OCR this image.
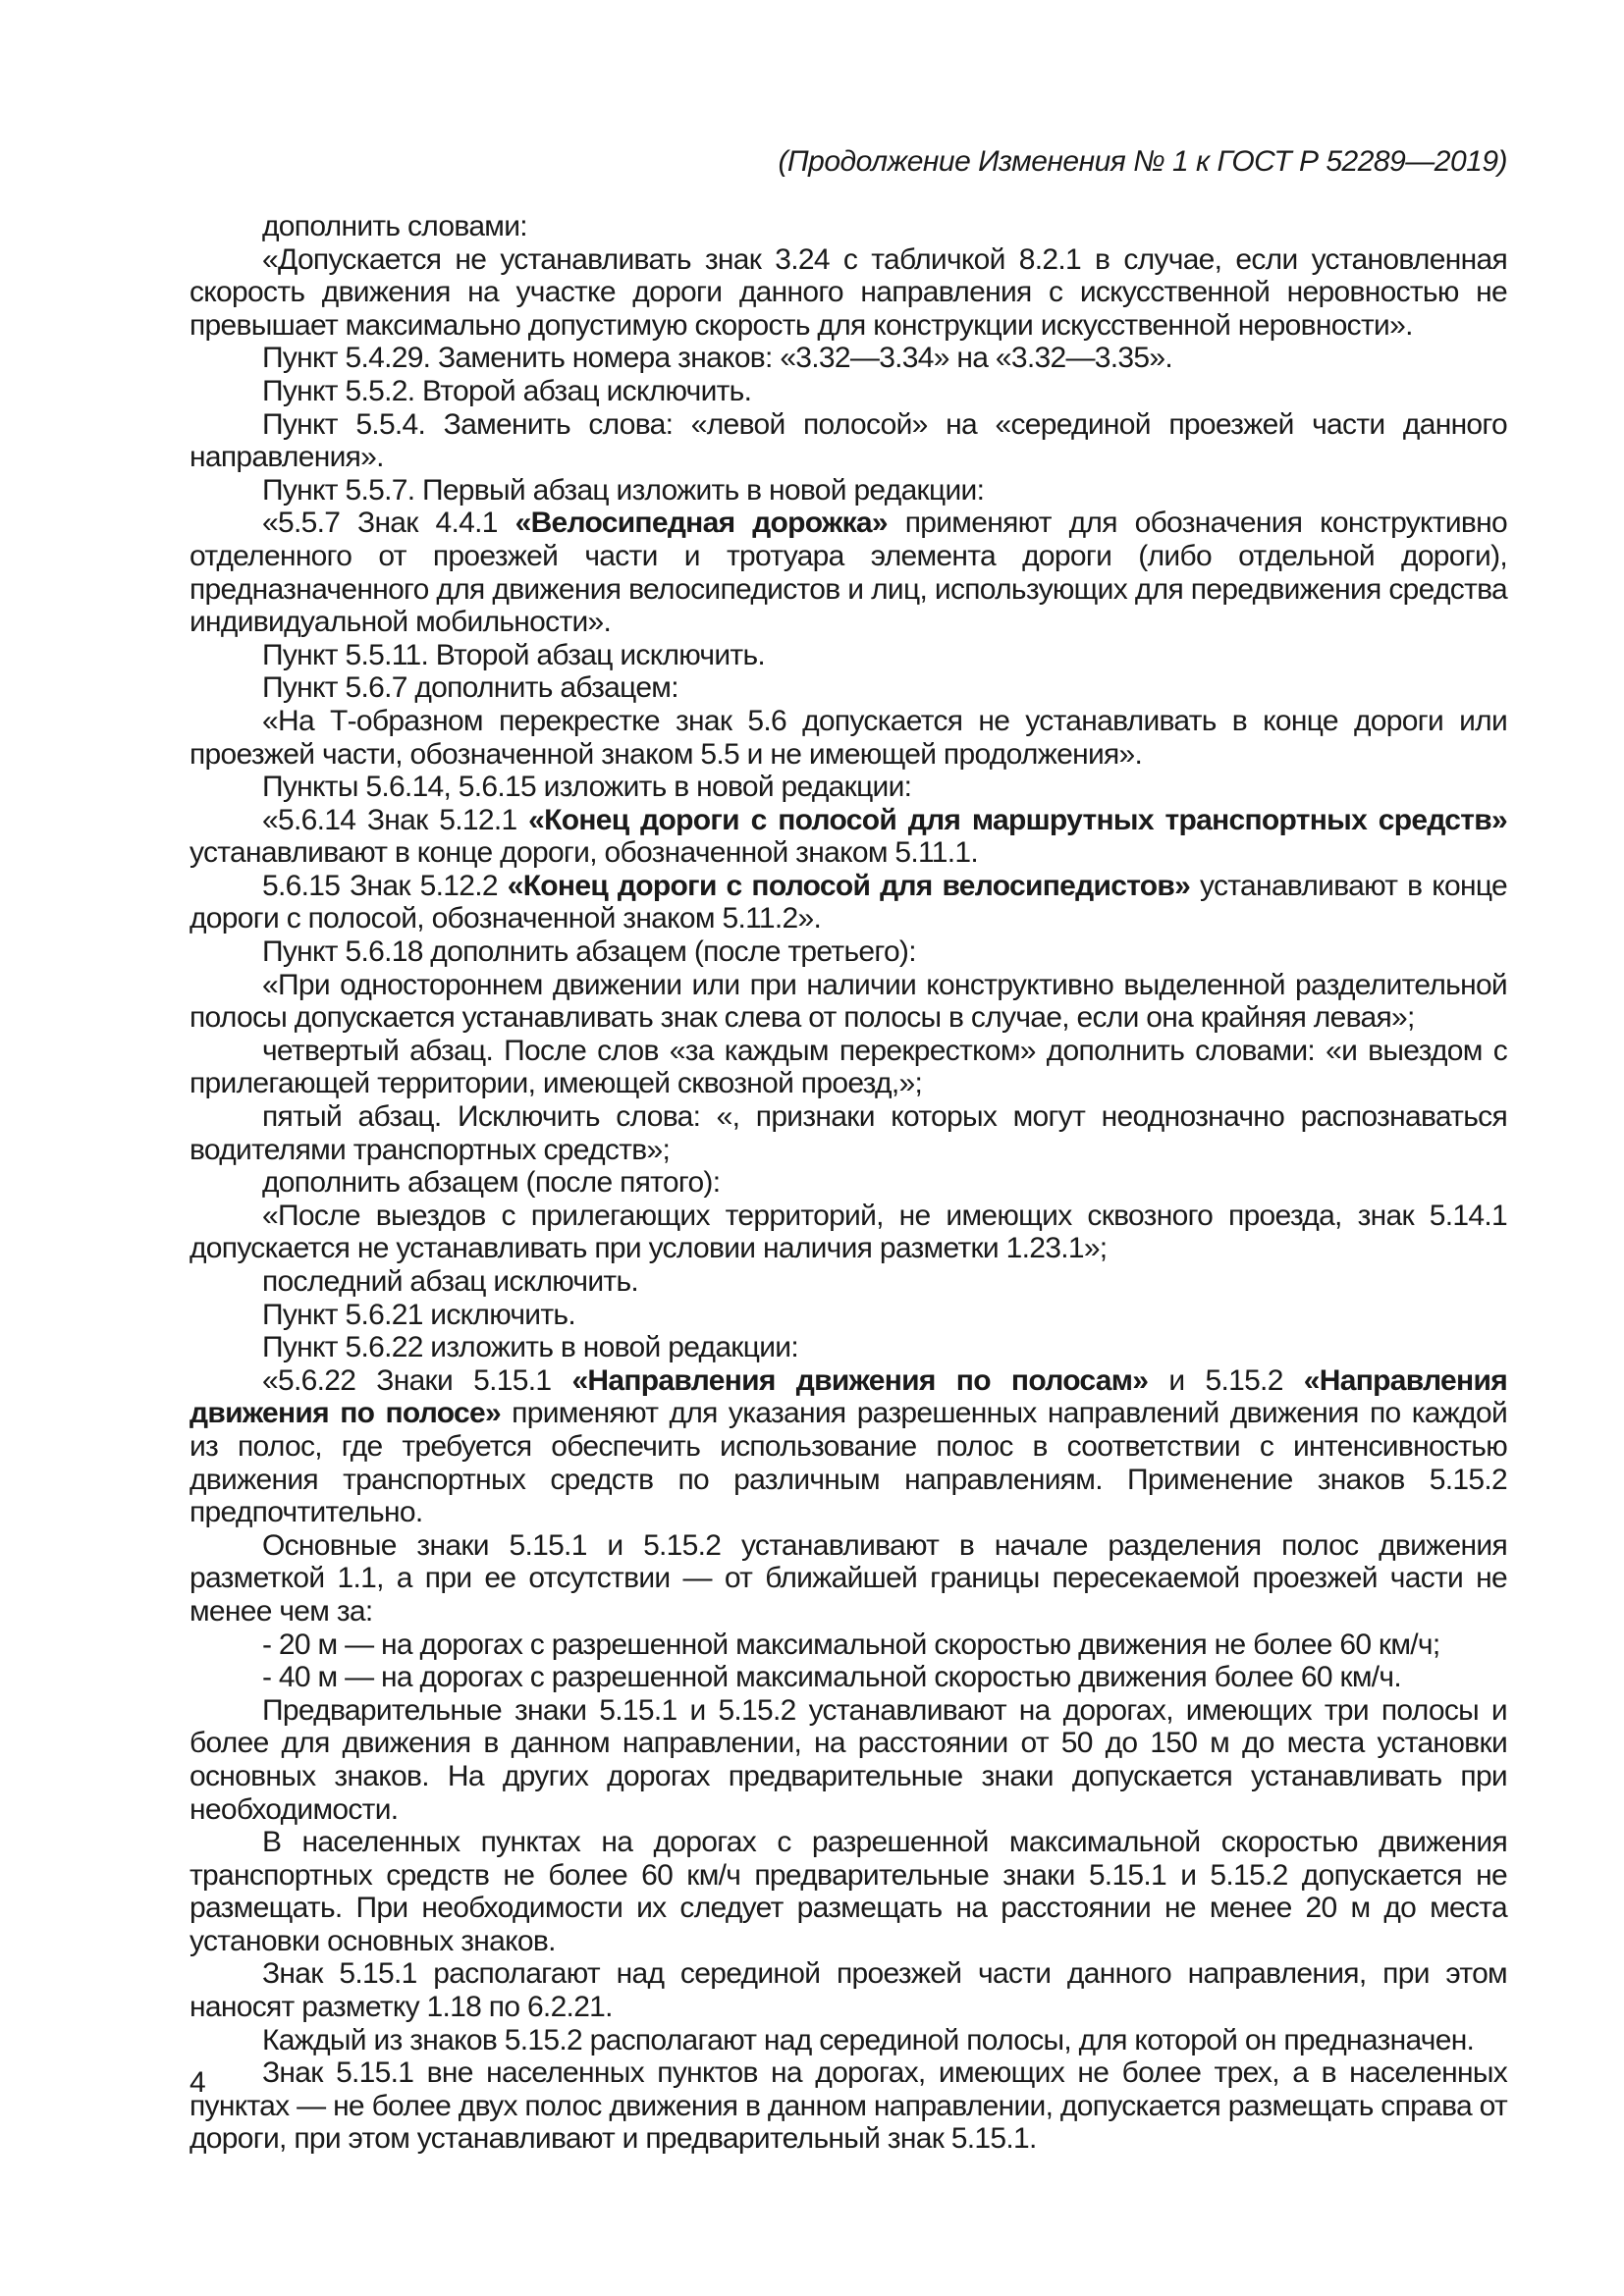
(Продолжение Изменения № 1 к ГОСТ Р 52289—2019)

дополнить словами:

«Допускается не устанавливать знак 3.24 с табличкой 8.2.1 в случае, если установленная скорость движения на участке дороги данного направления с искусственной неровностью не превышает максимально допустимую скорость для конструкции искусственной неровности».

Пункт 5.4.29. Заменить номера знаков: «3.32—3.34» на «3.32—3.35».

Пункт 5.5.2. Второй абзац исключить.

Пункт 5.5.4. Заменить слова: «левой полосой» на «серединой проезжей части данного направления».

Пункт 5.5.7. Первый абзац изложить в новой редакции:

«5.5.7 Знак 4.4.1 «Велосипедная дорожка» применяют для обозначения конструктивно отделенного от проезжей части и тротуара элемента дороги (либо отдельной дороги), предназначенного для движения велосипедистов и лиц, использующих для передвижения средства индивидуальной мобильности».

Пункт 5.5.11. Второй абзац исключить.

Пункт 5.6.7 дополнить абзацем:

«На Т-образном перекрестке знак 5.6 допускается не устанавливать в конце дороги или проезжей части, обозначенной знаком 5.5 и не имеющей продолжения».

Пункты 5.6.14, 5.6.15 изложить в новой редакции:

«5.6.14 Знак 5.12.1 «Конец дороги с полосой для маршрутных транспортных средств» устанавливают в конце дороги, обозначенной знаком 5.11.1.

5.6.15 Знак 5.12.2 «Конец дороги с полосой для велосипедистов» устанавливают в конце дороги с полосой, обозначенной знаком 5.11.2».

Пункт 5.6.18 дополнить абзацем (после третьего):

«При одностороннем движении или при наличии конструктивно выделенной разделительной полосы допускается устанавливать знак слева от полосы в случае, если она крайняя левая»;

четвертый абзац. После слов «за каждым перекрестком» дополнить словами: «и выездом с прилегающей территории, имеющей сквозной проезд,»;

пятый абзац. Исключить слова: «, признаки которых могут неоднозначно распознаваться водителями транспортных средств»;

дополнить абзацем (после пятого):

«После выездов с прилегающих территорий, не имеющих сквозного проезда, знак 5.14.1 допускается не устанавливать при условии наличия разметки 1.23.1»;

последний абзац исключить.

Пункт 5.6.21 исключить.

Пункт 5.6.22 изложить в новой редакции:

«5.6.22 Знаки 5.15.1 «Направления движения по полосам» и 5.15.2 «Направления движения по полосе» применяют для указания разрешенных направлений движения по каждой из полос, где требуется обеспечить использование полос в соответствии с интенсивностью движения транспортных средств по различным направлениям. Применение знаков 5.15.2 предпочтительно.

Основные знаки 5.15.1 и 5.15.2 устанавливают в начале разделения полос движения разметкой 1.1, а при ее отсутствии — от ближайшей границы пересекаемой проезжей части не менее чем за:

- 20 м — на дорогах с разрешенной максимальной скоростью движения не более 60 км/ч;

- 40 м — на дорогах с разрешенной максимальной скоростью движения более 60 км/ч.

Предварительные знаки 5.15.1 и 5.15.2 устанавливают на дорогах, имеющих три полосы и более для движения в данном направлении, на расстоянии от 50 до 150 м до места установки основных знаков. На других дорогах предварительные знаки допускается устанавливать при необходимости.

В населенных пунктах на дорогах с разрешенной максимальной скоростью движения транспортных средств не более 60 км/ч предварительные знаки 5.15.1 и 5.15.2 допускается не размещать. При необходимости их следует размещать на расстоянии не менее 20 м до места установки основных знаков.

Знак 5.15.1 располагают над серединой проезжей части данного направления, при этом наносят разметку 1.18 по 6.2.21.

Каждый из знаков 5.15.2 располагают над серединой полосы, для которой он предназначен.

Знак 5.15.1 вне населенных пунктов на дорогах, имеющих не более трех, а в населенных пунктах — не более двух полос движения в данном направлении, допускается размещать справа от дороги, при этом устанавливают и предварительный знак 5.15.1.

4
